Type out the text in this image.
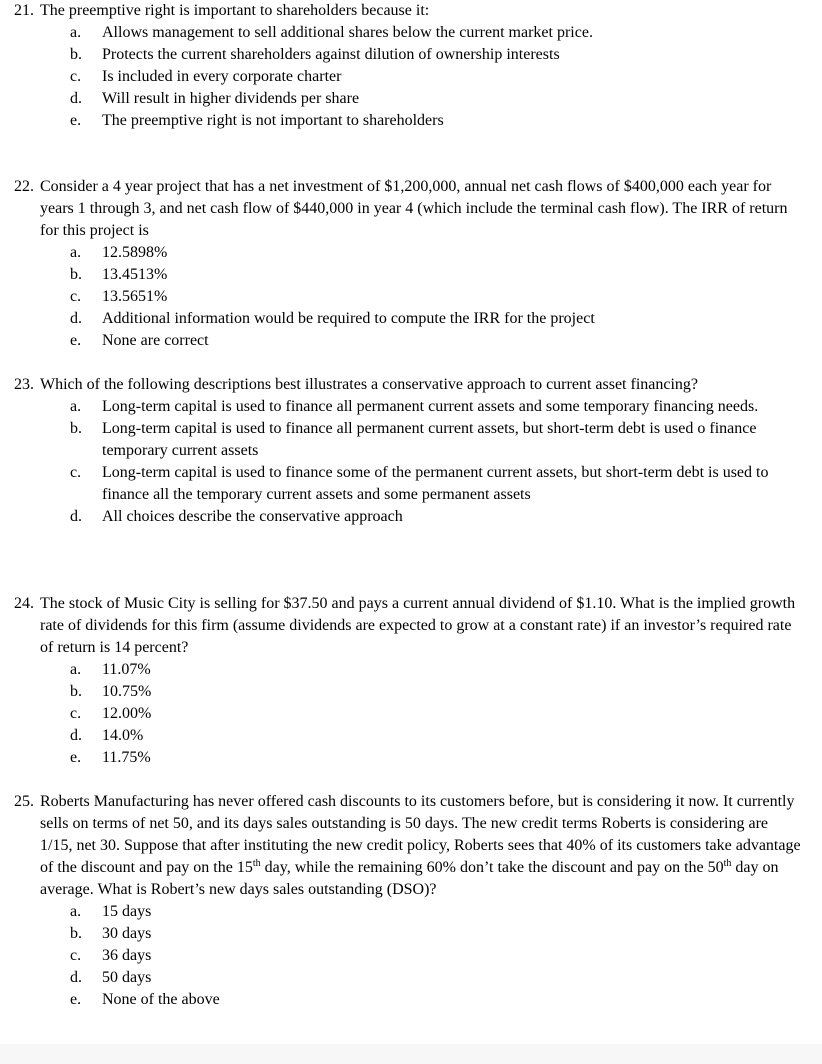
21. The preemptive right is important to shareholders because it:
a. Allows management to sell additional shares below the current market price.
b. Protects the current shareholders against dilution of ownership interests
c. Is included in every corporate charter
d. Will result in higher dividends per share
e. The preemptive right is not important to shareholders
22. Consider a 4 year project that has a net investment of $1,200,000, annual net cash flows of $400,000 each year for years 1 through 3, and net cash flow of $440,000 in year 4 (which include the terminal cash flow). The IRR of return for this project is
a. 12.5898%
b. 13.4513%
c. 13.5651%
d. Additional information would be required to compute the IRR for the project
e. None are correct
23. Which of the following descriptions best illustrates a conservative approach to current asset financing?
a. Long-term capital is used to finance all permanent current assets and some temporary financing needs.
b. Long-term capital is used to finance all permanent current assets, but short-term debt is used o finance temporary current assets
c. Long-term capital is used to finance some of the permanent current assets, but short-term debt is used to finance all the temporary current assets and some permanent assets
d. All choices describe the conservative approach
24. The stock of Music City is selling for $37.50 and pays a current annual dividend of $1.10. What is the implied growth rate of dividends for this firm (assume dividends are expected to grow at a constant rate) if an investor’s required rate of return is 14 percent?
a. 11.07%
b. 10.75%
c. 12.00%
d. 14.0%
e. 11.75%
25. Roberts Manufacturing has never offered cash discounts to its customers before, but is considering it now. It currently sells on terms of net 50, and its days sales outstanding is 50 days. The new credit terms Roberts is considering are 1/15, net 30. Suppose that after instituting the new credit policy, Roberts sees that 40% of its customers take advantage of the discount and pay on the 15th day, while the remaining 60% don’t take the discount and pay on the 50th day on average. What is Robert’s new days sales outstanding (DSO)?
a. 15 days
b. 30 days
c. 36 days
d. 50 days
e. None of the above
